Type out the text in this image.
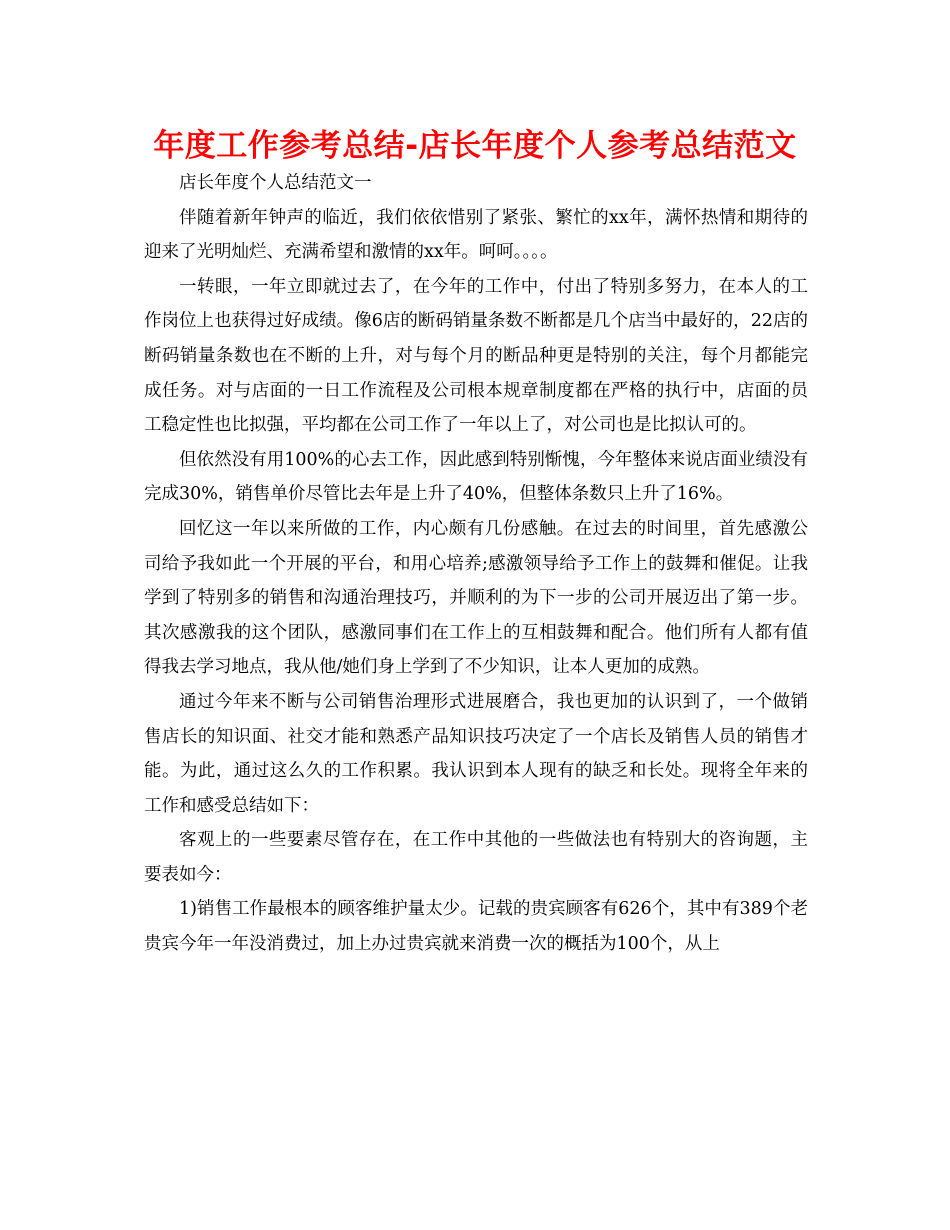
年度工作参考总结-店长年度个人参考总结范文

店长年度个人总结范文一

伴随着新年钟声的临近，我们依依惜别了紧张、繁忙的xx年，满怀热情和期待的迎来了光明灿烂、充满希望和激情的xx年。呵呵。。。。

一转眼，一年立即就过去了，在今年的工作中，付出了特别多努力，在本人的工作岗位上也获得过好成绩。像6店的断码销量条数不断都是几个店当中最好的，22店的断码销量条数也在不断的上升，对与每个月的断品种更是特别的关注，每个月都能完成任务。对与店面的一日工作流程及公司根本规章制度都在严格的执行中，店面的员工稳定性也比拟强，平均都在公司工作了一年以上了，对公司也是比拟认可的。

但依然没有用100%的心去工作，因此感到特别惭愧，今年整体来说店面业绩没有完成30%，销售单价尽管比去年是上升了40%，但整体条数只上升了16%。

回忆这一年以来所做的工作，内心颇有几份感触。在过去的时间里，首先感激公司给予我如此一个开展的平台，和用心培养;感激领导给予工作上的鼓舞和催促。让我学到了特别多的销售和沟通治理技巧，并顺利的为下一步的公司开展迈出了第一步。其次感激我的这个团队，感激同事们在工作上的互相鼓舞和配合。他们所有人都有值得我去学习地点，我从他/她们身上学到了不少知识，让本人更加的成熟。

通过今年来不断与公司销售治理形式进展磨合，我也更加的认识到了，一个做销售店长的知识面、社交才能和熟悉产品知识技巧决定了一个店长及销售人员的销售才能。为此，通过这么久的工作积累。我认识到本人现有的缺乏和长处。现将全年来的工作和感受总结如下：

客观上的一些要素尽管存在，在工作中其他的一些做法也有特别大的咨询题，主要表如今：

1)销售工作最根本的顾客维护量太少。记载的贵宾顾客有626个，其中有389个老贵宾今年一年没消费过，加上办过贵宾就来消费一次的概括为100个，从上
